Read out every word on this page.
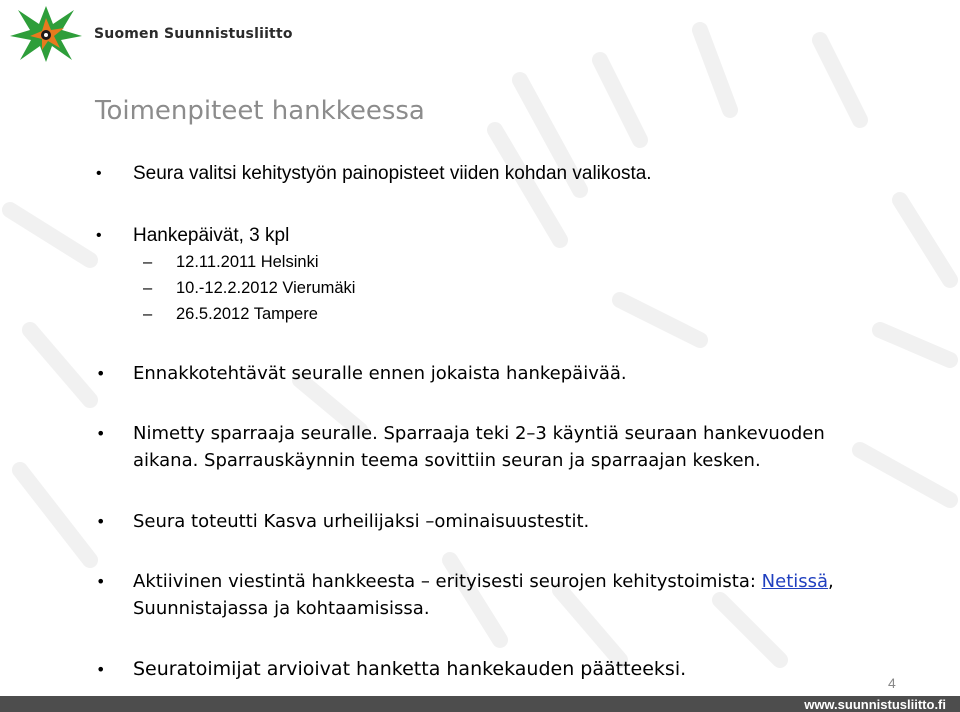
Suomen Suunnistusliitto
Toimenpiteet hankkeessa
• Seura valitsi kehitystyön painopisteet viiden kohdan valikosta.
• Hankepäivät, 3 kpl
– 12.11.2011 Helsinki
– 10.-12.2.2012 Vierumäki
– 26.5.2012 Tampere
• Ennakkotehtävät seuralle ennen jokaista hankepäivää.
• Nimetty sparraaja seuralle. Sparraaja teki 2–3 käyntiä seuraan hankevuoden aikana. Sparrauskäynnin teema sovittiin seuran ja sparraajan kesken.
• Seura toteutti Kasva urheilijaksi –ominaisuustestit.
• Aktiivinen viestintä hankkeesta – erityisesti seurojen kehitystoimista: Netissä, Suunnistajassa ja kohtaamisissa.
• Seuratoimijat arvioivat hanketta hankekauden päätteeksi.
4
www.suunnistusliitto.fi
